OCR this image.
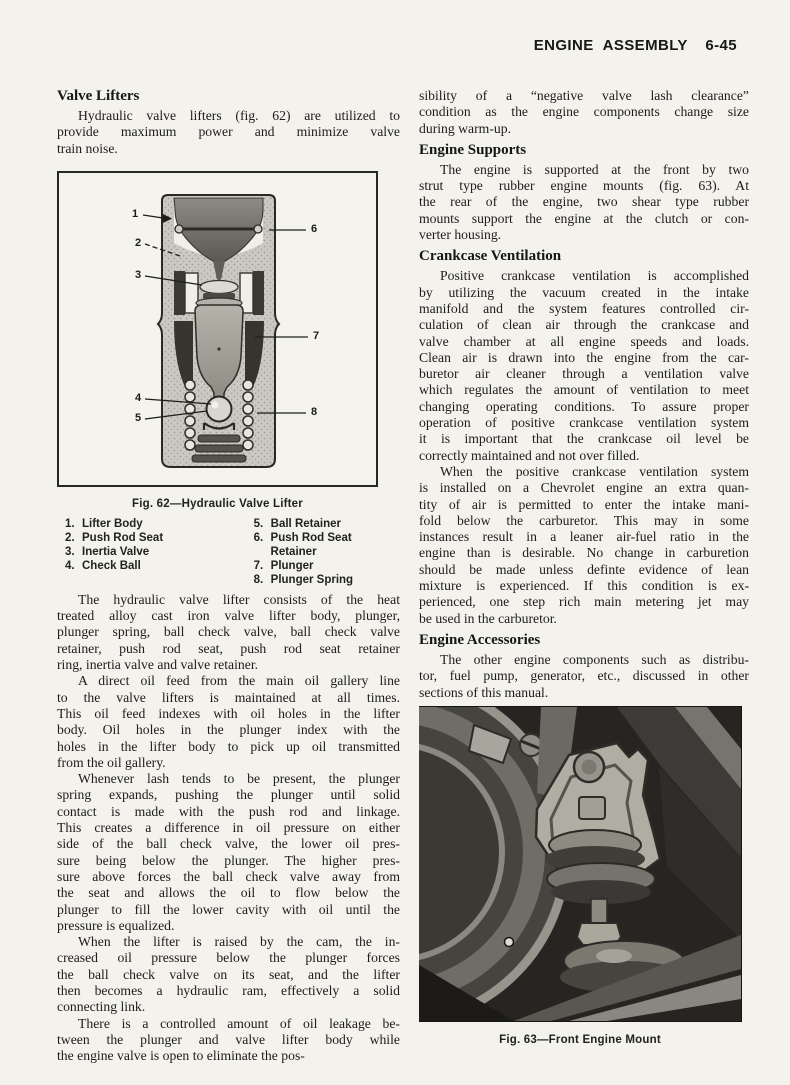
ENGINE ASSEMBLY 6-45
Valve Lifters

Hydraulic valve lifters (fig. 62) are utilized to
provide maximum power and minimize valve
train noise.

1
2
3
4
5
6
7
8
Fig. 62—Hydraulic Valve Lifter
1. Lifter Body
2. Push Rod Seat
3. Inertia Valve
4. Check Ball
5. Ball Retainer
6. Push Rod Seat Retainer
7. Plunger
8. Plunger Spring

The hydraulic valve lifter consists of the heat
treated alloy cast iron valve lifter body, plunger,
plunger spring, ball check valve, ball check valve
retainer, push rod seat, push rod seat retainer
ring, inertia valve and valve retainer.

A direct oil feed from the main oil gallery line
to the valve lifters is maintained at all times.
This oil feed indexes with oil holes in the lifter
body. Oil holes in the plunger index with the
holes in the lifter body to pick up oil transmitted
from the oil gallery.

Whenever lash tends to be present, the plunger
spring expands, pushing the plunger until solid
contact is made with the push rod and linkage.
This creates a difference in oil pressure on either
side of the ball check valve, the lower oil pres-
sure being below the plunger. The higher pres-
sure above forces the ball check valve away from
the seat and allows the oil to flow below the
plunger to fill the lower cavity with oil until the
pressure is equalized.

When the lifter is raised by the cam, the in-
creased oil pressure below the plunger forces
the ball check valve on its seat, and the lifter
then becomes a hydraulic ram, effectively a solid
connecting link.

There is a controlled amount of oil leakage be-
tween the plunger and valve lifter body while
the engine valve is open to eliminate the pos-

sibility of a “negative valve lash clearance”
condition as the engine components change size
during warm-up.

Engine Supports

The engine is supported at the front by two
strut type rubber engine mounts (fig. 63). At
the rear of the engine, two shear type rubber
mounts support the engine at the clutch or con-
verter housing.

Crankcase Ventilation

Positive crankcase ventilation is accomplished
by utilizing the vacuum created in the intake
manifold and the system features controlled cir-
culation of clean air through the crankcase and
valve chamber at all engine speeds and loads.
Clean air is drawn into the engine from the car-
buretor air cleaner through a ventilation valve
which regulates the amount of ventilation to meet
changing operating conditions. To assure proper
operation of positive crankcase ventilation system
it is important that the crankcase oil level be
correctly maintained and not over filled.

When the positive crankcase ventilation system
is installed on a Chevrolet engine an extra quan-
tity of air is permitted to enter the intake mani-
fold below the carburetor. This may in some
instances result in a leaner air-fuel ratio in the
engine than is desirable. No change in carburetion
should be made unless definte evidence of lean
mixture is experienced. If this condition is ex-
perienced, one step rich main metering jet may
be used in the carburetor.

Engine Accessories

The other engine components such as distribu-
tor, fuel pump, generator, etc., discussed in other
sections of this manual.

Fig. 63—Front Engine Mount
